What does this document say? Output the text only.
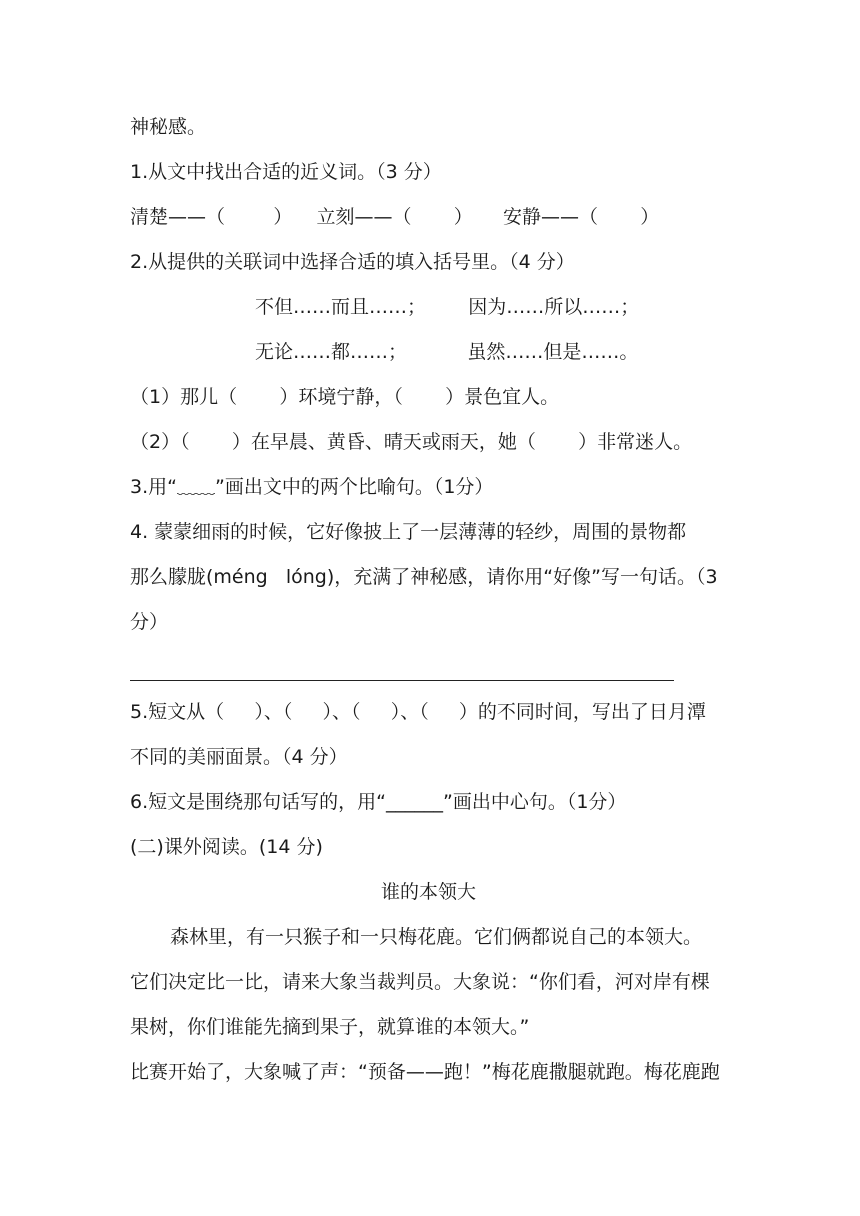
神秘感。
1.从文中找出合适的近义词。（3 分）
清楚——（        ）    立刻——（       ）     安静——（       ）
2.从提供的关联词中选择合适的填入括号里。（4 分）
不但……而且……；       因为……所以……；
无论……都……；          虽然……但是……。
（1）那儿（       ）环境宁静，（       ）景色宜人。
（2）（       ）在早晨、黄昏、晴天或雨天，她（       ）非常迷人。
3.用“﹏﹏”画出文中的两个比喻句。（1分）
4. 蒙蒙细雨的时候，它好像披上了一层薄薄的轻纱，周围的景物都
那么朦胧(méng   lóng)，充满了神秘感，请你用“好像”写一句话。（3
分）
5.短文从（     ）、（     ）、（     ）、（     ）的不同时间，写出了日月潭
不同的美丽面景。（4 分）
6.短文是围绕那句话写的，用“______”画出中心句。（1分）
(二)课外阅读。(14 分)
谁的本领大
森林里，有一只猴子和一只梅花鹿。它们俩都说自己的本领大。
它们决定比一比，请来大象当裁判员。大象说：“你们看，河对岸有棵
果树，你们谁能先摘到果子，就算谁的本领大。”
比赛开始了，大象喊了声：“预备——跑！”梅花鹿撒腿就跑。梅花鹿跑
